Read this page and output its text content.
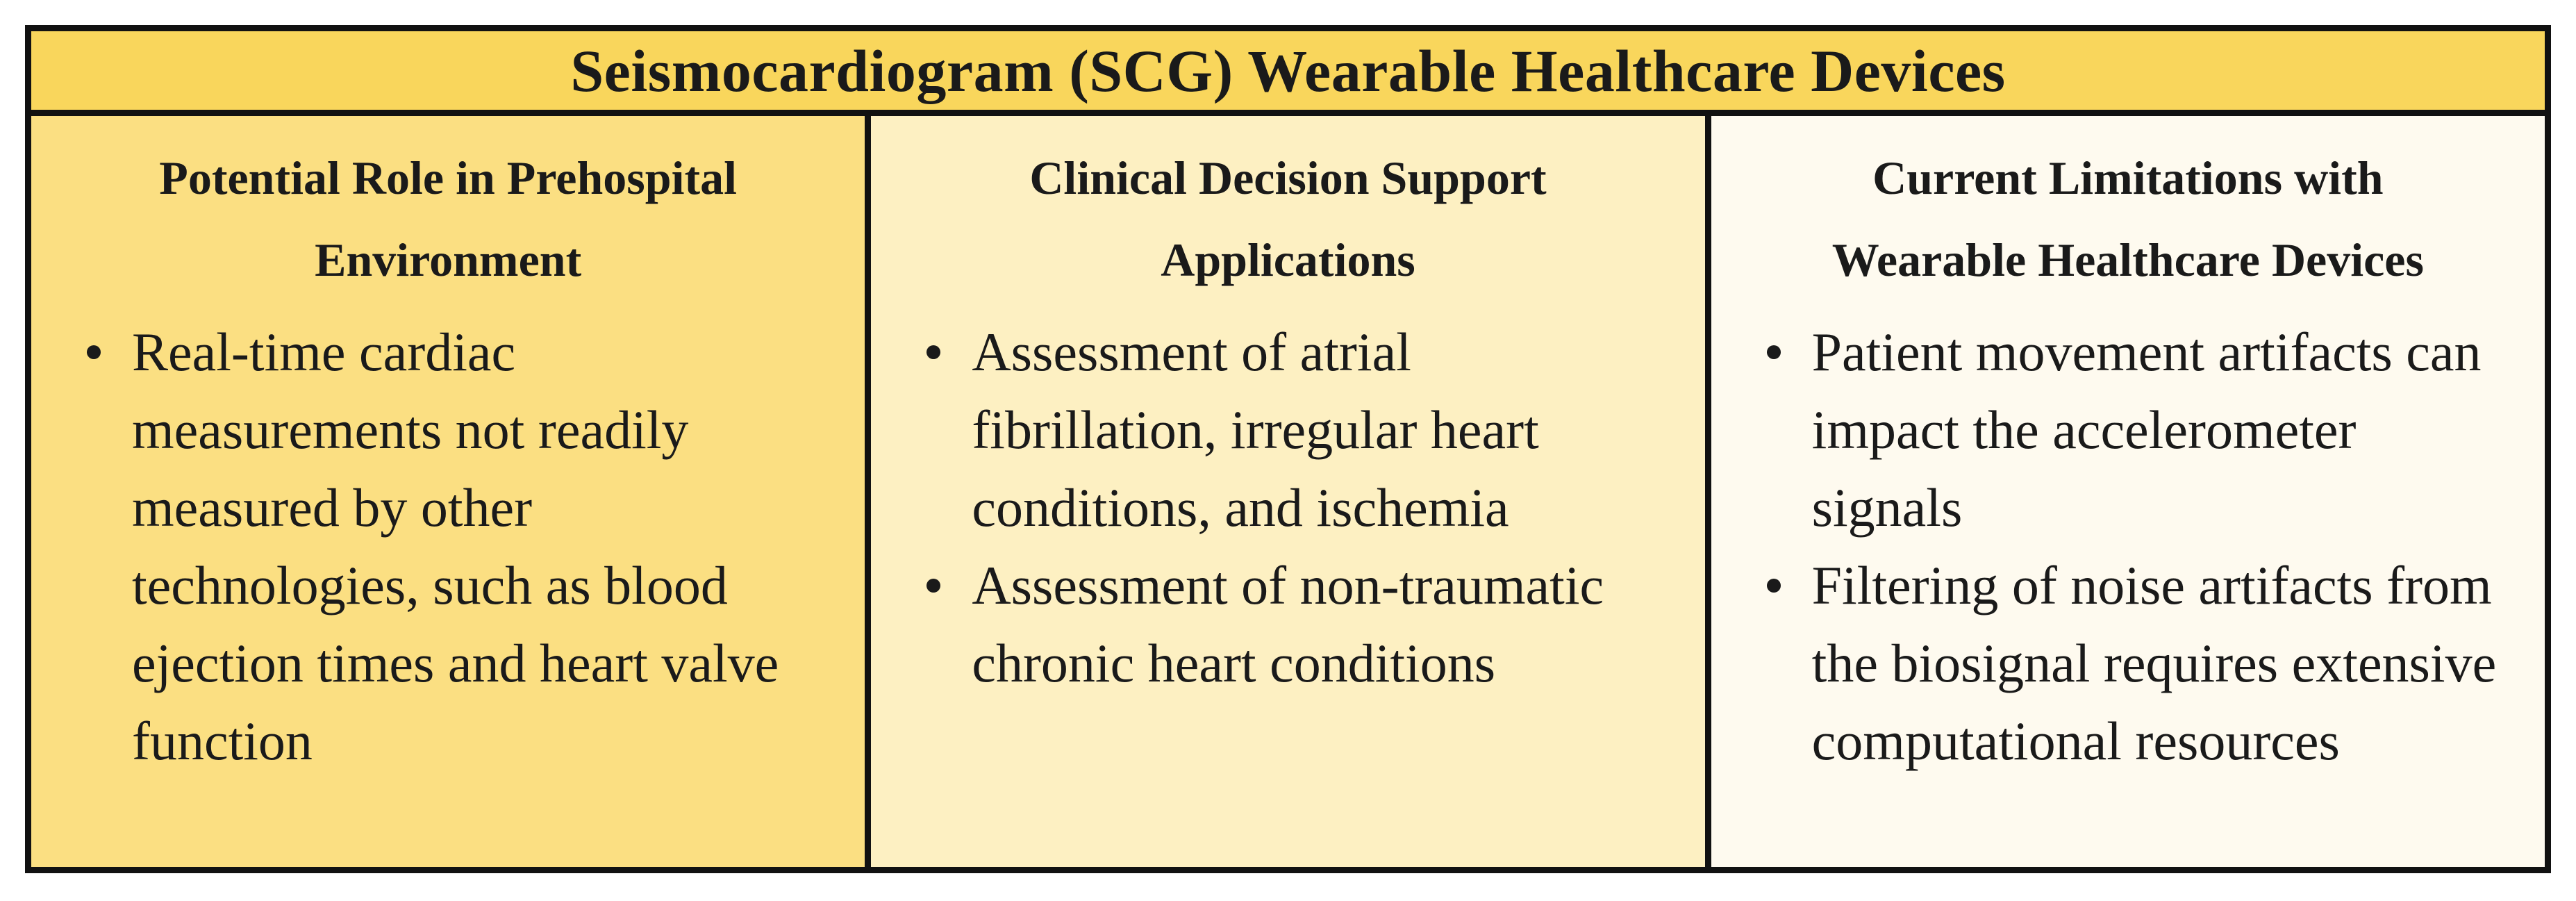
Seismocardiogram (SCG) Wearable Healthcare Devices
Potential Role in Prehospital
Environment
Real-time cardiac measurements not readily measured by other technologies, such as blood ejection times and heart valve function
Clinical Decision Support
Applications
Assessment of atrial fibrillation, irregular heart conditions, and ischemia
Assessment of non-traumatic chronic heart conditions
Current Limitations with
Wearable Healthcare Devices
Patient movement artifacts can impact the accelerometer signals
Filtering of noise artifacts from the biosignal requires extensive computational resources
